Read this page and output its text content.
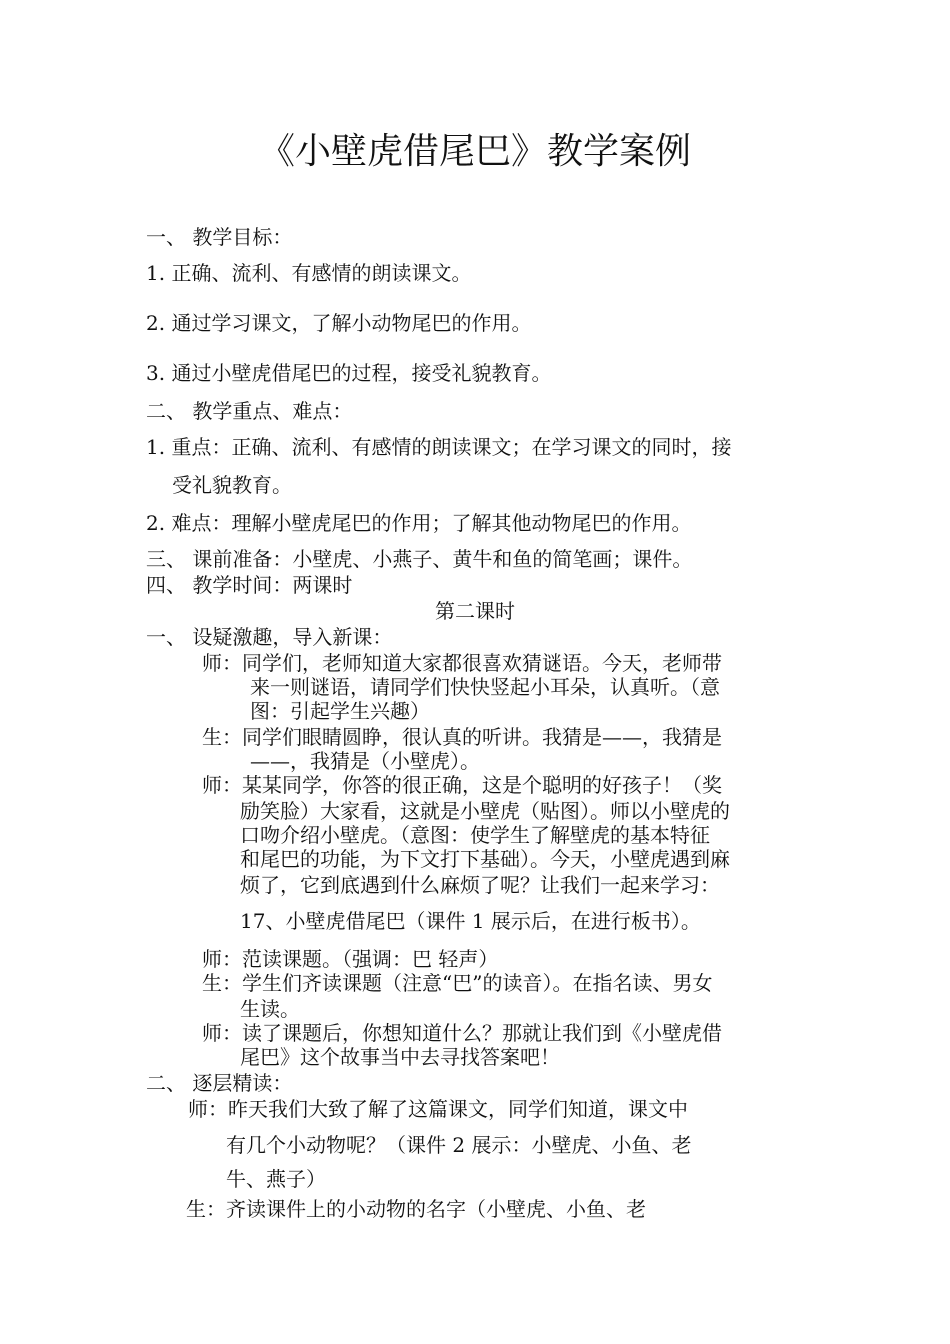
《小壁虎借尾巴》教学案例
一、 教学目标：
1. 正确、流利、有感情的朗读课文。
2. 通过学习课文，了解小动物尾巴的作用。
3. 通过小壁虎借尾巴的过程，接受礼貌教育。
二、 教学重点、难点：
1. 重点：正确、流利、有感情的朗读课文；在学习课文的同时，接
受礼貌教育。
2. 难点：理解小壁虎尾巴的作用；了解其他动物尾巴的作用。
三、 课前准备：小壁虎、小燕子、黄牛和鱼的简笔画；课件。
四、 教学时间：两课时
第二课时
一、 设疑激趣，导入新课：
师：同学们，老师知道大家都很喜欢猜谜语。今天，老师带
来一则谜语，请同学们快快竖起小耳朵，认真听。（意
图：引起学生兴趣）
生：同学们眼睛圆睁，很认真的听讲。我猜是——，我猜是
——，我猜是（小壁虎）。
师：某某同学，你答的很正确，这是个聪明的好孩子！（奖
励笑脸）大家看，这就是小壁虎（贴图）。师以小壁虎的
口吻介绍小壁虎。（意图：使学生了解壁虎的基本特征
和尾巴的功能，为下文打下基础）。今天，小壁虎遇到麻
烦了，它到底遇到什么麻烦了呢？让我们一起来学习：
17、小壁虎借尾巴（课件 1 展示后，在进行板书）。
师：范读课题。（强调：巴 轻声）
生：学生们齐读课题（注意“巴”的读音）。在指名读、男女
生读。
师：读了课题后，你想知道什么？那就让我们到《小壁虎借
尾巴》这个故事当中去寻找答案吧！
二、 逐层精读：
师：昨天我们大致了解了这篇课文，同学们知道，课文中
有几个小动物呢？（课件 2 展示：小壁虎、小鱼、老
牛、燕子）
生：齐读课件上的小动物的名字（小壁虎、小鱼、老
